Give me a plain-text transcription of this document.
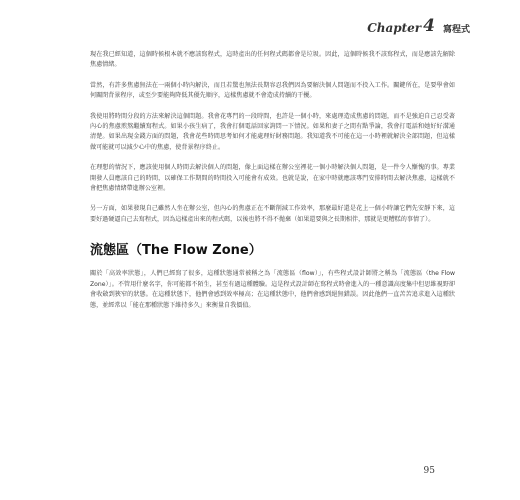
Chapter 4 寫程式

現在我已經知道，這個時候根本就不應該寫程式，這時產出的任何程式碼都會是垃圾。因此，這個時候我不該寫程式，而是應該先解除焦慮情緒。

當然，有許多焦慮無法在一兩個小時內解決，而且若驚也無法長期容忍我們因為要解決個人問題而不投入工作。關鍵所在，是要學會如何關閉背景程序，或至少要能夠降低其優先順序，這樣焦慮就不會造成持續的干擾。

我使用將時間分段的方法來解決這個問題。我會花專門的一段時間，也許是一個小時，來處理造成焦慮的問題，而不是強迫自己忍受著內心的焦慮煎熬繼續寫程式。如果小孩生病了，我會打個電話回家詢問一下情況。如果和妻子之間有點爭論，我會打電話和她好好溝通清楚。如果出現金錢方面的問題，我會花些時間思考如何才能處理好財務問題。我知道我不可能在這一小時裡就解決全部問題，但這樣做可能就可以減少心中的焦慮，使背景程序終止。

在理想的情況下，應該使用個人時間去解決個人的問題，像上面這樣在辦公室裡花一個小時解決個人問題，是一件令人慚愧的事。專業開發人員應該自己的時間，以確保工作期間的時間投入可能會有成效。也就是說，在家中時就應該專門安排時間去解決焦慮，這樣就不會把焦慮情緒帶進辦公室裡。

另一方面，如果發現自己雖然人坐在辦公室，但內心的焦慮正在不斷削減工作效率，那麼最好還是花上一個小時讓它們先安靜下來，這要好過硬逼自己去寫程式，因為這樣產出來的程式碼，以後也將不得不拋棄（如果還要與之長期相伴，那就是更糟糕的事情了）。

流態區（The Flow Zone）

關於「高效率狀態」，人們已經寫了很多，這種狀態通常被稱之為「流態區（flow）」，有些程式設計師將之稱為「流態區（the Flow Zone）」。不管用什麼名字，你可能都不陌生，甚至有過這種體驗。這是程式設計師在寫程式時會進入的一種意識高度集中但思維視野卻會收斂到狹窄的狀態。在這種狀態下，他們會感到效率極高；在這種狀態中，他們會感到絕無錯誤。因此他們一直苦苦追求進入這種狀態，並經常以「能在那種狀態下維持多久」來衡量自我價值。

95
